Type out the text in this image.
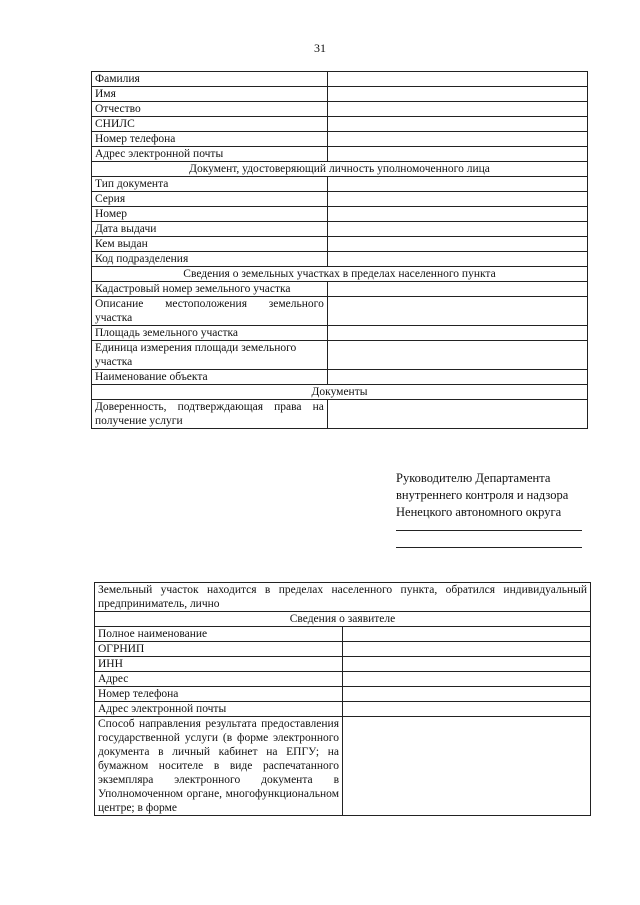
31
Фамилия	
Имя	
Отчество	
СНИЛС	
Номер телефона	
Адрес электронной почты	
Документ, удостоверяющий личность уполномоченного лица	
Тип документа	
Серия	
Номер	
Дата выдачи	
Кем выдан	
Код подразделения	
Сведения о земельных участках в пределах населенного пункта	
Кадастровый номер земельного участка	
Описание местоположения земельного участка	
Площадь земельного участка	
Единица измерения площади земельного участка	
Наименование объекта	
Документы	
Доверенность, подтверждающая права на получение услуги	
Руководителю Департамента
внутреннего контроля и надзора
Ненецкого автономного округа
Земельный участок находится в пределах населенного пункта, обратился индивидуальный предприниматель, лично	
Сведения о заявителе	
Полное наименование	
ОГРНИП	
ИНН	
Адрес	
Номер телефона	
Адрес электронной почты	
Способ направления результата предоставления государственной услуги (в форме электронного документа в личный кабинет на ЕПГУ; на бумажном носителе в виде распечатанного экземпляра электронного документа в Уполномоченном органе, многофункциональном центре; в форме	
